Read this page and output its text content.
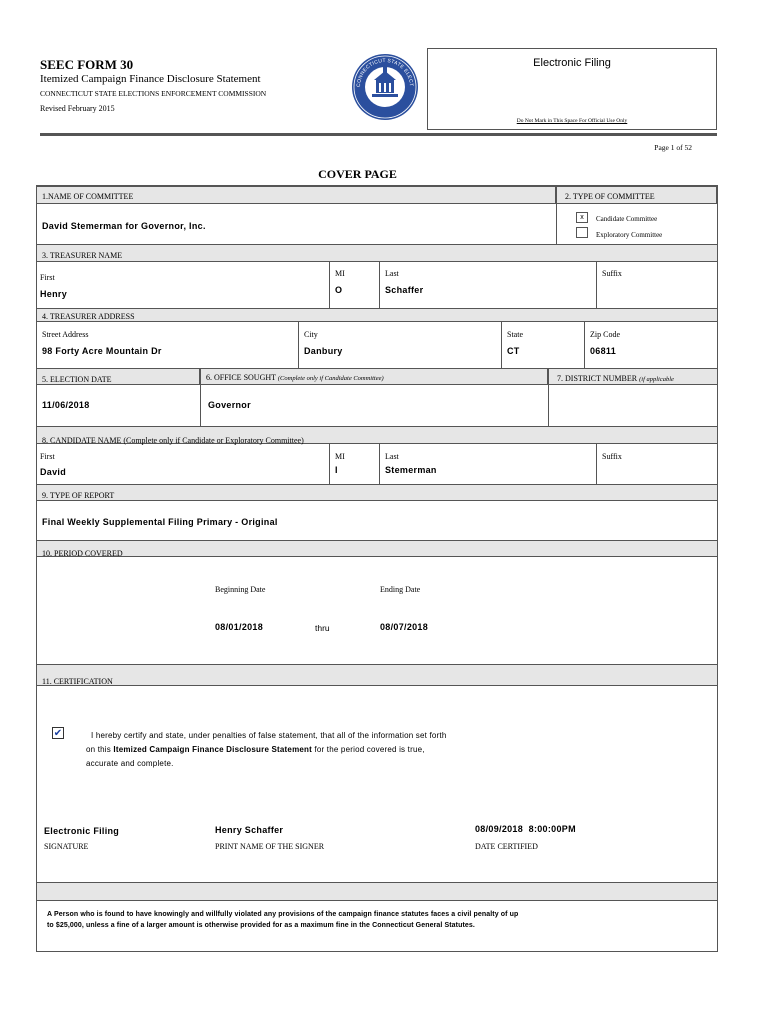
SEEC FORM 30
Itemized Campaign Finance Disclosure Statement
CONNECTICUT STATE ELECTIONS ENFORCEMENT COMMISSION
Revised February 2015
CONNECTICUT STATE ELECT
Electronic Filing
Do Not Mark in This Space For Official Use Only
Page 1 of 52
COVER PAGE
1.NAME OF COMMITTEE	2. TYPE OF COMMITTEE
David Stemerman for Governor, Inc.
x	Candidate Committee
Exploratory Committee
3. TREASURER NAME
First
Henry
MI
O
Last
Schaffer
Suffix
4. TREASURER ADDRESS
Street Address
98 Forty Acre Mountain Dr
City
Danbury
State
CT
Zip Code
06811
5. ELECTION DATE	6. OFFICE SOUGHT (Complete only if Candidate Committee)	7. DISTRICT NUMBER (if applicable
11/06/2018	Governor
8. CANDIDATE NAME (Complete only if Candidate or Exploratory Committee)
First
David
MI
I
Last
Stemerman
Suffix
9. TYPE OF REPORT
Final Weekly Supplemental Filing Primary - Original
10. PERIOD COVERED
Beginning Date
08/01/2018	thru
Ending Date
08/07/2018
11. CERTIFICATION
✔	I hereby certify and state, under penalties of false statement, that all of the information set forth
on this Itemized Campaign Finance Disclosure Statement for the period covered is true,
accurate and complete.
Electronic Filing
SIGNATURE
Henry Schaffer
PRINT NAME OF THE SIGNER
08/09/2018  8:00:00PM
DATE CERTIFIED
A Person who is found to have knowingly and willfully violated any provisions of the campaign finance statutes faces a civil penalty of up
to $25,000, unless a fine of a larger amount is otherwise provided for as a maximum fine in the Connecticut General Statutes.
